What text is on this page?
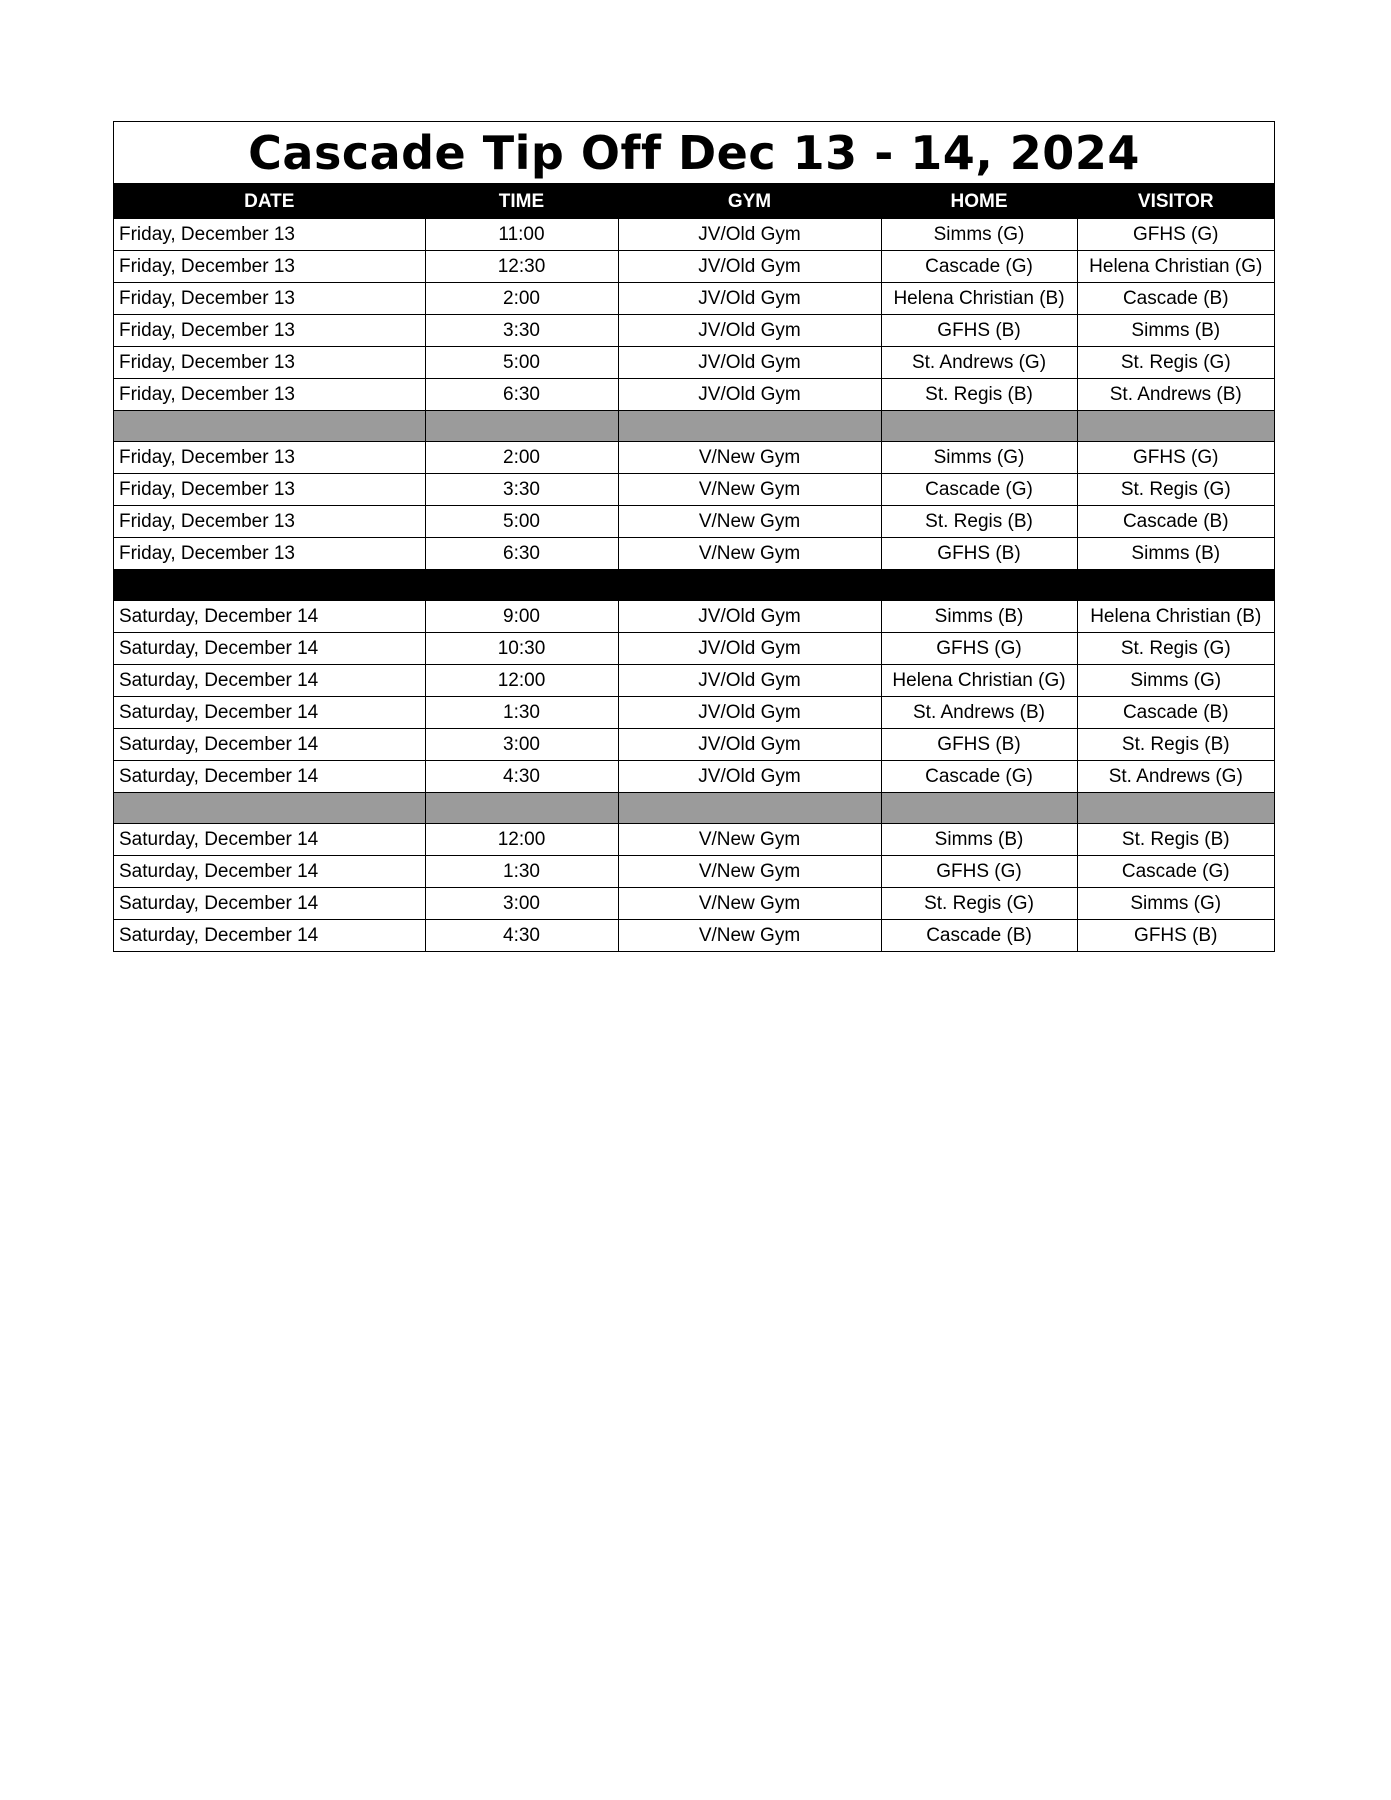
Cascade Tip Off Dec 13 - 14, 2024
DATE	TIME	GYM	HOME	VISITOR
Friday, December 13	11:00	JV/Old Gym	Simms (G)	GFHS (G)
Friday, December 13	12:30	JV/Old Gym	Cascade (G)	Helena Christian (G)
Friday, December 13	2:00	JV/Old Gym	Helena Christian (B)	Cascade (B)
Friday, December 13	3:30	JV/Old Gym	GFHS (B)	Simms (B)
Friday, December 13	5:00	JV/Old Gym	St. Andrews (G)	St. Regis (G)
Friday, December 13	6:30	JV/Old Gym	St. Regis (B)	St. Andrews (B)

Friday, December 13	2:00	V/New Gym	Simms (G)	GFHS (G)
Friday, December 13	3:30	V/New Gym	Cascade (G)	St. Regis (G)
Friday, December 13	5:00	V/New Gym	St. Regis (B)	Cascade (B)
Friday, December 13	6:30	V/New Gym	GFHS (B)	Simms (B)

Saturday, December 14	9:00	JV/Old Gym	Simms (B)	Helena Christian (B)
Saturday, December 14	10:30	JV/Old Gym	GFHS (G)	St. Regis (G)
Saturday, December 14	12:00	JV/Old Gym	Helena Christian (G)	Simms (G)
Saturday, December 14	1:30	JV/Old Gym	St. Andrews (B)	Cascade (B)
Saturday, December 14	3:00	JV/Old Gym	GFHS (B)	St. Regis (B)
Saturday, December 14	4:30	JV/Old Gym	Cascade (G)	St. Andrews (G)

Saturday, December 14	12:00	V/New Gym	Simms (B)	St. Regis (B)
Saturday, December 14	1:30	V/New Gym	GFHS (G)	Cascade (G)
Saturday, December 14	3:00	V/New Gym	St. Regis (G)	Simms (G)
Saturday, December 14	4:30	V/New Gym	Cascade (B)	GFHS (B)
